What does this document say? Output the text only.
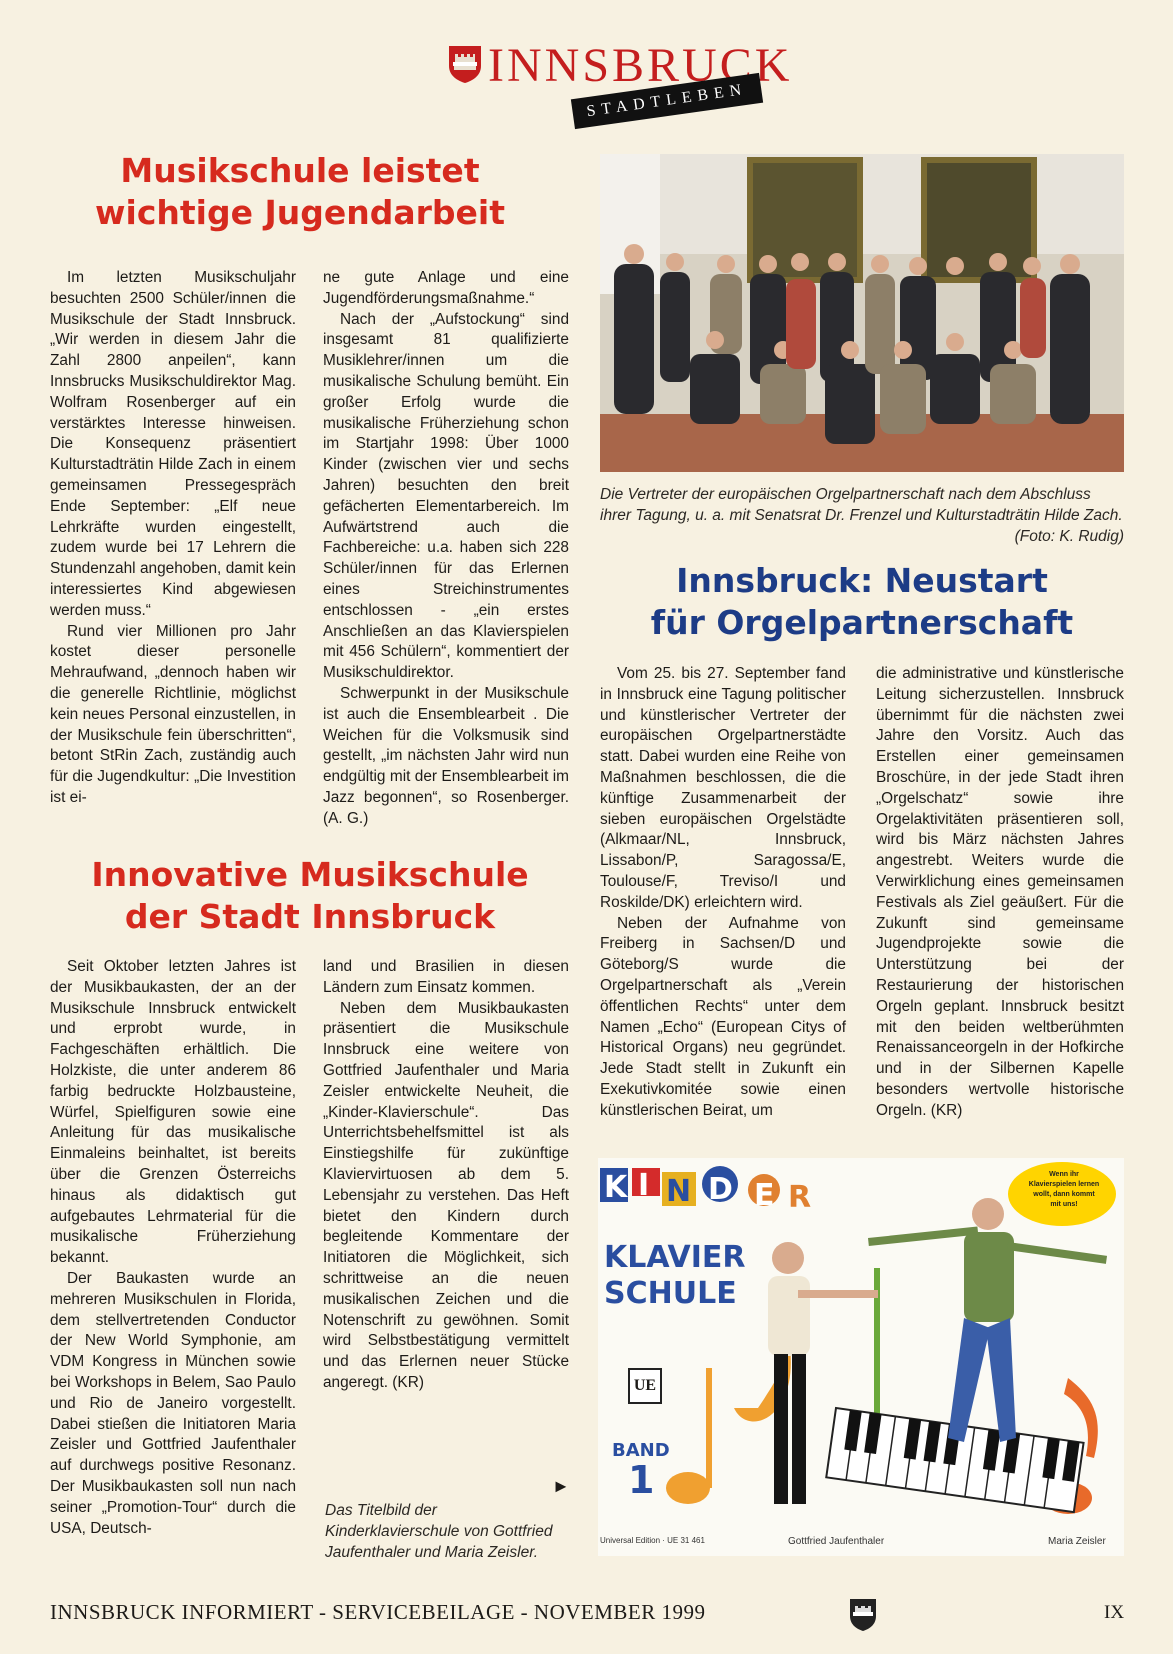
INNSBRUCK
STADTLEBEN
Musikschule leistet
wichtige Jugendarbeit

Im letzten Musikschuljahr besuchten 2500 Schüler/innen die Musikschule der Stadt Innsbruck. „Wir werden in diesem Jahr die Zahl 2800 anpeilen“, kann Innsbrucks Musikschuldirektor Mag. Wolfram Rosenberger auf ein verstärktes Interesse hinweisen. Die Konsequenz präsentiert Kulturstadträtin Hilde Zach in einem gemeinsamen Pressegespräch Ende September: „Elf neue Lehrkräfte wurden eingestellt, zudem wurde bei 17 Lehrern die Stundenzahl angehoben, damit kein interessiertes Kind abgewiesen werden muss.“

Rund vier Millionen pro Jahr kostet dieser personelle Mehraufwand, „dennoch haben wir die generelle Richtlinie, möglichst kein neues Personal einzustellen, in der Musikschule fein überschritten“, betont StRin Zach, zuständig auch für die Jugendkultur: „Die Investition ist ei-

ne gute Anlage und eine Jugendförderungsmaßnahme.“

Nach der „Aufstockung“ sind insgesamt 81 qualifizierte Musiklehrer/innen um die musikalische Schulung bemüht. Ein großer Erfolg wurde die musikalische Früherziehung schon im Startjahr 1998: Über 1000 Kinder (zwischen vier und sechs Jahren) besuchten den breit gefächerten Elementarbereich. Im Aufwärtstrend auch die Fachbereiche: u.a. haben sich 228 Schüler/innen für das Erlernen eines Streichinstrumentes entschlossen - „ein erstes Anschließen an das Klavierspielen mit 456 Schülern“, kommentiert der Musikschuldirektor.

Schwerpunkt in der Musikschule ist auch die Ensemblearbeit . Die Weichen für die Volksmusik sind gestellt, „im nächsten Jahr wird nun endgültig mit der Ensemblearbeit im Jazz begonnen“, so Rosenberger. (A. G.)

Die Vertreter der europäischen Orgelpartnerschaft nach dem Abschluss ihrer Tagung, u. a. mit Senatsrat Dr. Frenzel und Kulturstadträtin Hilde Zach.
(Foto: K. Rudig)
Innsbruck: Neustart
für Orgelpartnerschaft

Vom 25. bis 27. September fand in Innsbruck eine Tagung politischer und künstlerischer Vertreter der europäischen Orgelpartnerstädte statt. Dabei wurden eine Reihe von Maßnahmen beschlossen, die die künftige Zusammenarbeit der sieben europäischen Orgelstädte (Alkmaar/NL, Innsbruck, Lissabon/P, Saragossa/E, Toulouse/F, Treviso/I und Roskilde/DK) erleichtern wird.

Neben der Aufnahme von Freiberg in Sachsen/D und Göteborg/S wurde die Orgelpartnerschaft als „Verein öffentlichen Rechts“ unter dem Namen „Echo“ (European Citys of Historical Organs) neu gegründet. Jede Stadt stellt in Zukunft ein Exekutivkomitée sowie einen künstlerischen Beirat, um

die administrative und künstlerische Leitung sicherzustellen. Innsbruck übernimmt für die nächsten zwei Jahre den Vorsitz. Auch das Erstellen einer gemeinsamen Broschüre, in der jede Stadt ihren „Orgelschatz“ sowie ihre Orgelaktivitäten präsentieren soll, wird bis März nächsten Jahres angestrebt. Weiters wurde die Verwirklichung eines gemeinsamen Festivals als Ziel geäußert. Für die Zukunft sind gemeinsame Jugendprojekte sowie die Unterstützung bei der Restaurierung der historischen Orgeln geplant. Innsbruck besitzt mit den beiden weltberühmten Renaissanceorgeln in der Hofkirche und in der Silbernen Kapelle besonders wertvolle historische Orgeln. (KR)

Innovative Musikschule
der Stadt Innsbruck

Seit Oktober letzten Jahres ist der Musikbaukasten, der an der Musikschule Innsbruck entwickelt und erprobt wurde, in Fachgeschäften erhältlich. Die Holzkiste, die unter anderem 86 farbig bedruckte Holzbausteine, Würfel, Spielfiguren sowie eine Anleitung für das musikalische Einmaleins beinhaltet, ist bereits über die Grenzen Österreichs hinaus als didaktisch gut aufgebautes Lehrmaterial für die musikalische Früherziehung bekannt.

Der Baukasten wurde an mehreren Musikschulen in Florida, dem stellvertretenden Conductor der New World Symphonie, am VDM Kongress in München sowie bei Workshops in Belem, Sao Paulo und Rio de Janeiro vorgestellt. Dabei stießen die Initiatoren Maria Zeisler und Gottfried Jaufenthaler auf durchwegs positive Resonanz. Der Musikbaukasten soll nun nach seiner „Promotion-Tour“ durch die USA, Deutsch-

land und Brasilien in diesen Ländern zum Einsatz kommen.

Neben dem Musikbaukasten präsentiert die Musikschule Innsbruck eine weitere von Gottfried Jaufenthaler und Maria Zeisler entwickelte Neuheit, die „Kinder-Klavierschule“. Das Unterrichtsbehelfsmittel ist als Einstiegshilfe für zukünftige Klaviervirtuosen ab dem 5. Lebensjahr zu verstehen. Das Heft bietet den Kindern durch begleitende Kommentare der Initiatoren die Möglichkeit, sich schrittweise an die neuen musikalischen Zeichen und die Notenschrift zu gewöhnen. Somit wird Selbstbestätigung vermittelt und das Erlernen neuer Stücke angeregt. (KR)

►
Das Titelbild der Kinderklavierschule von Gottfried Jaufenthaler und Maria Zeisler.
K I N D E R
KLAVIER
SCHULE
Wenn ihr Klavierspielen lernen wollt, dann kommt mit uns!
UE
BAND
1
Universal Edition · UE 31 461	Gottfried Jaufenthaler	Maria Zeisler
INNSBRUCK INFORMIERT - SERVICEBEILAGE - NOVEMBER 1999	IX
